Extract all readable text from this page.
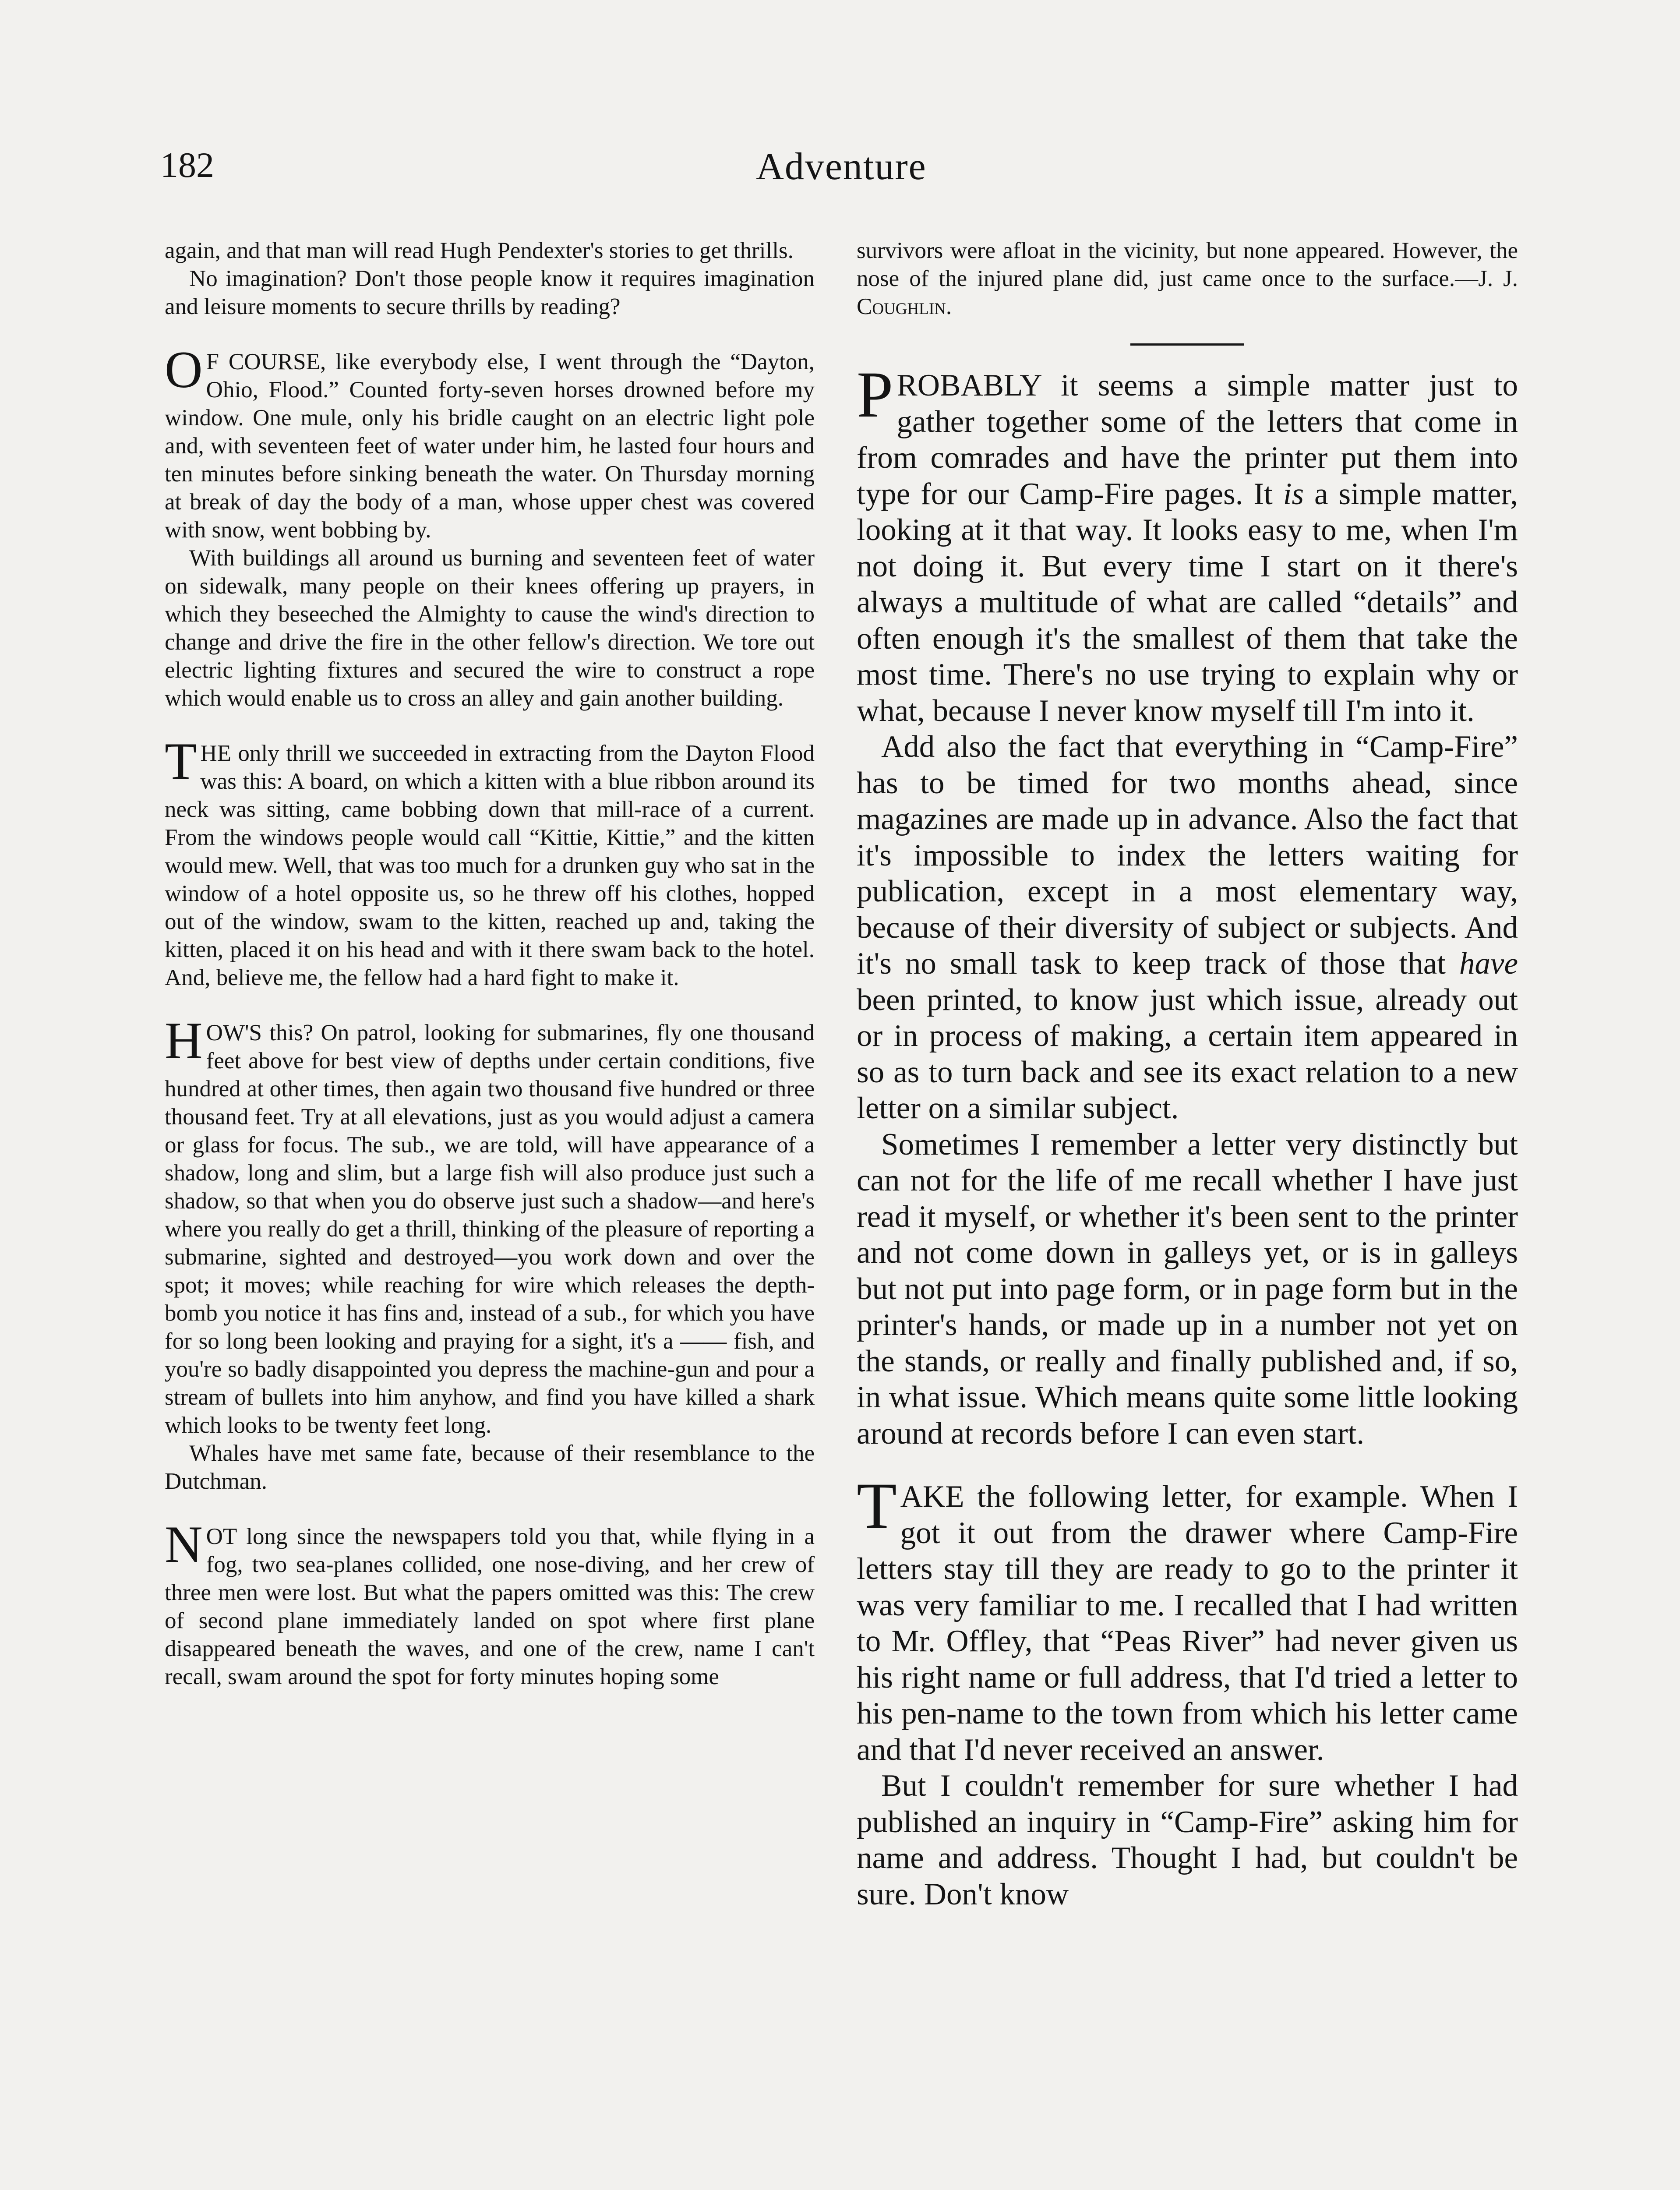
182	Adventure

again, and that man will read Hugh Pendexter's stories to get thrills.

No imagination? Don't those people know it requires imagination and leisure moments to secure thrills by reading?

O F COURSE, like everybody else, I went through the “Dayton, Ohio, Flood.” Counted forty-seven horses drowned before my window. One mule, only his bridle caught on an electric light pole and, with seventeen feet of water under him, he lasted four hours and ten minutes before sinking beneath the water. On Thursday morning at break of day the body of a man, whose upper chest was covered with snow, went bobbing by.

With buildings all around us burning and seventeen feet of water on sidewalk, many people on their knees offering up prayers, in which they beseeched the Almighty to cause the wind's direction to change and drive the fire in the other fellow's direction. We tore out electric lighting fixtures and secured the wire to construct a rope which would enable us to cross an alley and gain another building.

THE only thrill we succeeded in extracting from the Dayton Flood was this: A board, on which a kitten with a blue ribbon around its neck was sitting, came bobbing down that mill-race of a current. From the windows people would call “Kittie, Kittie,” and the kitten would mew. Well, that was too much for a drunken guy who sat in the window of a hotel opposite us, so he threw off his clothes, hopped out of the window, swam to the kitten, reached up and, taking the kitten, placed it on his head and with it there swam back to the hotel. And, believe me, the fellow had a hard fight to make it.

HOW'S this? On patrol, looking for submarines, fly one thousand feet above for best view of depths under certain conditions, five hundred at other times, then again two thousand five hundred or three thousand feet. Try at all elevations, just as you would adjust a camera or glass for focus. The sub., we are told, will have appearance of a shadow, long and slim, but a large fish will also produce just such a shadow, so that when you do observe just such a shadow—and here's where you really do get a thrill, thinking of the pleasure of reporting a submarine, sighted and destroyed—you work down and over the spot; it moves; while reaching for wire which releases the depth-bomb you notice it has fins and, instead of a sub., for which you have for so long been looking and praying for a sight, it's a —— fish, and you're so badly disappointed you depress the machine-gun and pour a stream of bullets into him anyhow, and find you have killed a shark which looks to be twenty feet long.

Whales have met same fate, because of their resemblance to the Dutchman.

NOT long since the newspapers told you that, while flying in a fog, two sea-planes collided, one nose-diving, and her crew of three men were lost. But what the papers omitted was this: The crew of second plane immediately landed on spot where first plane disappeared beneath the waves, and one of the crew, name I can't recall, swam around the spot for forty minutes hoping some

survivors were afloat in the vicinity, but none appeared. However, the nose of the injured plane did, just came once to the surface.—J. J. Coughlin.

PROBABLY it seems a simple matter just to gather together some of the letters that come in from comrades and have the printer put them into type for our Camp-Fire pages. It is a simple matter, looking at it that way. It looks easy to me, when I'm not doing it. But every time I start on it there's always a multitude of what are called “details” and often enough it's the smallest of them that take the most time. There's no use trying to explain why or what, because I never know myself till I'm into it.

Add also the fact that everything in “Camp-Fire” has to be timed for two months ahead, since magazines are made up in advance. Also the fact that it's impossible to index the letters waiting for publication, except in a most elementary way, because of their diversity of subject or subjects. And it's no small task to keep track of those that have been printed, to know just which issue, already out or in process of making, a certain item appeared in so as to turn back and see its exact relation to a new letter on a similar subject.

Sometimes I remember a letter very distinctly but can not for the life of me recall whether I have just read it myself, or whether it's been sent to the printer and not come down in galleys yet, or is in galleys but not put into page form, or in page form but in the printer's hands, or made up in a number not yet on the stands, or really and finally published and, if so, in what issue. Which means quite some little looking around at records before I can even start.

TAKE the following letter, for example. When I got it out from the drawer where Camp-Fire letters stay till they are ready to go to the printer it was very familiar to me. I recalled that I had written to Mr. Offley, that “Peas River” had never given us his right name or full address, that I'd tried a letter to his pen-name to the town from which his letter came and that I'd never received an answer.

But I couldn't remember for sure whether I had published an inquiry in “Camp-Fire” asking him for name and address. Thought I had, but couldn't be sure. Don't know
